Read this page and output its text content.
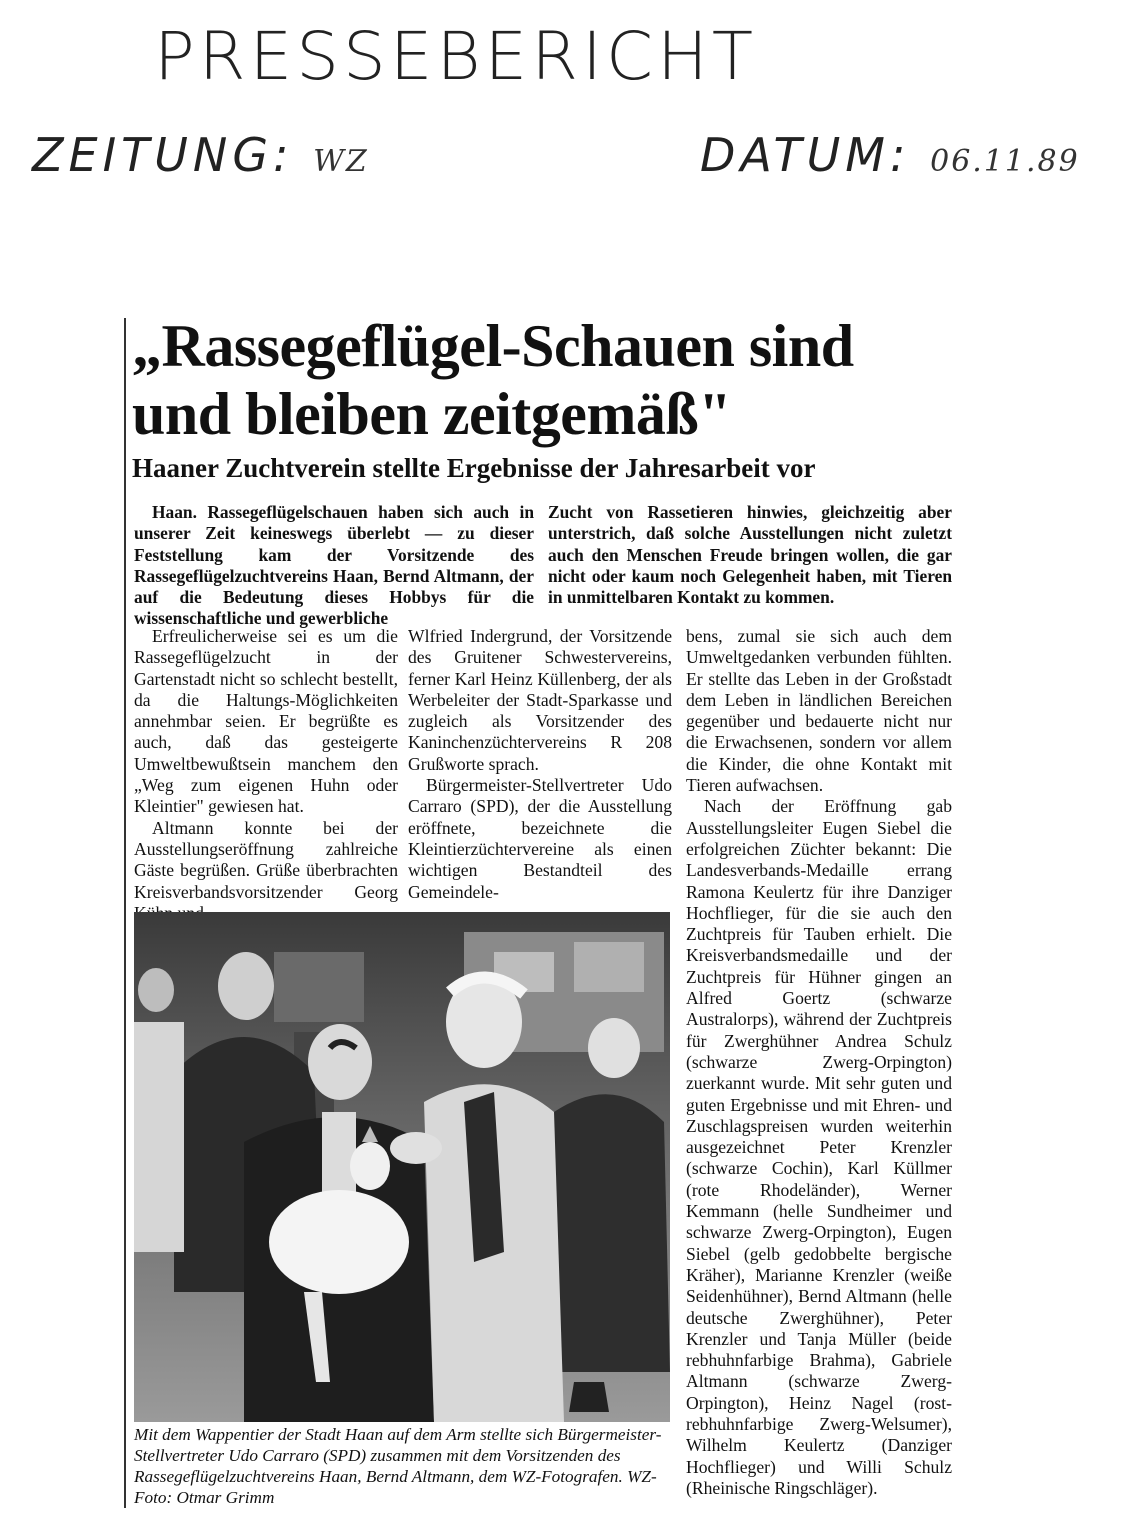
PRESSEBERICHT
ZEITUNG: WZ	DATUM: 06.11.89
„Rassegeflügel-Schauen sind
und bleiben zeitgemäß"
Haaner Zuchtverein stellte Ergebnisse der Jahresarbeit vor

Haan. Rassegeflügelschauen haben sich auch in unserer Zeit keineswegs überlebt — zu dieser Feststellung kam der Vorsitzende des Rassegeflügelzuchtvereins Haan, Bernd Altmann, der auf die Bedeutung dieses Hobbys für die wissenschaftliche und gewerbliche

Zucht von Rassetieren hinwies, gleichzeitig aber unterstrich, daß solche Ausstellungen nicht zuletzt auch den Menschen Freude bringen wollen, die gar nicht oder kaum noch Gelegenheit haben, mit Tieren in unmittelbaren Kontakt zu kommen.

Erfreulicherweise sei es um die Rassegeflügelzucht in der Gartenstadt nicht so schlecht bestellt, da die Haltungs-Möglichkeiten annehmbar seien. Er begrüßte es auch, daß das gesteigerte Umweltbewußtsein manchem den „Weg zum eigenen Huhn oder Kleintier" gewiesen hat.

Altmann konnte bei der Ausstellungseröffnung zahlreiche Gäste begrüßen. Grüße überbrachten Kreisverbandsvorsitzender Georg

Wlfried Indergrund, der Vorsitzende des Gruitener Schwestervereins, ferner Karl Heinz Küllenberg, der als Werbeleiter der Stadt-Sparkasse und zugleich als Vorsitzender des Kaninchenzüchtervereins R 208 Grußworte sprach.

Bürgermeister-Stellvertreter Udo Carraro (SPD), der die Ausstellung eröffnete, bezeichnete die Kleintierzüchtervereine als einen wichtigen Bestandteil des Gemeindele-

bens, zumal sie sich auch dem Umweltgedanken verbunden fühlten. Er stellte das Leben in der Großstadt dem Leben in ländlichen Bereichen gegenüber und bedauerte nicht nur die Erwachsenen, sondern vor allem die Kinder, die ohne Kontakt mit Tieren aufwachsen.

Nach der Eröffnung gab Ausstellungsleiter Eugen Siebel die erfolgreichen Züchter bekannt: Die Landesverbands-Medaille errang Ramona Keulertz für ihre Danziger Hochflieger, für die sie auch den Zuchtpreis für Tauben erhielt. Die Kreisverbandsmedaille und der Zuchtpreis für Hühner gingen an Alfred Goertz (schwarze Australorps), während der Zuchtpreis für Zwerghühner Andrea Schulz (schwarze Zwerg-Orpington) zuerkannt wurde. Mit sehr guten und guten Ergebnisse und mit Ehren- und Zuschlagspreisen wurden weiterhin ausgezeichnet Peter Krenzler (schwarze Cochin), Karl Küllmer (rote Rhodeländer), Werner Kemmann (helle Sundheimer und schwarze Zwerg-Orpington), Eugen Siebel (gelb gedobbelte bergische Kräher), Marianne Krenzler (weiße Seidenhühner), Bernd Altmann (helle deutsche Zwerghühner), Peter Krenzler und Tanja Müller (beide rebhuhnfarbige Brahma), Gabriele Altmann (schwarze Zwerg-Orpington), Heinz Nagel (rost-rebhuhnfarbige Zwerg-Welsumer), Wilhelm Keulertz (Danziger Hochflieger) und Willi Schulz (Rheinische Ringschläger).

Mit dem Wappentier der Stadt Haan auf dem Arm stellte sich Bürgermeister-Stellvertreter Udo Carraro (SPD) zusammen mit dem Vorsitzenden des Rassegeflügelzuchtvereins Haan, Bernd Altmann, dem WZ-Fotografen. WZ-Foto: Otmar Grimm
